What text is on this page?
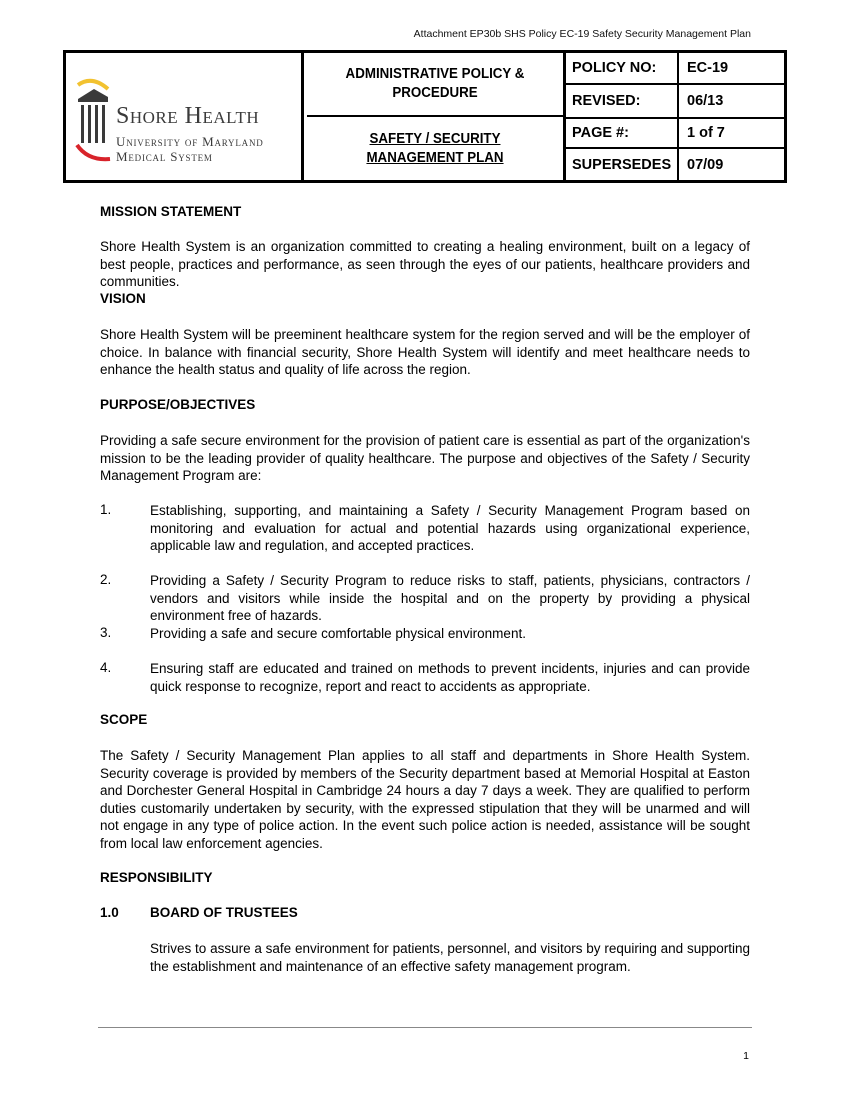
Attachment EP30b SHS Policy EC-19 Safety Security Management Plan
Shore Health
University of Maryland
Medical System
ADMINISTRATIVE POLICY & PROCEDURE
SAFETY / SECURITY MANAGEMENT PLAN
POLICY NO:	EC-19
REVISED:	06/13
PAGE #:	1 of 7
SUPERSEDES	07/09
MISSION STATEMENT

Shore Health System is an organization committed to creating a healing environment, built on a legacy of best people, practices and performance, as seen through the eyes of our patients, healthcare providers and communities.

VISION

Shore Health System will be preeminent healthcare system for the region served and will be the employer of choice. In balance with financial security, Shore Health System will identify and meet healthcare needs to enhance the health status and quality of life across the region.

PURPOSE/OBJECTIVES

Providing a safe secure environment for the provision of patient care is essential as part of the organization's mission to be the leading provider of quality healthcare. The purpose and objectives of the Safety / Security Management Program are:

1.	Establishing, supporting, and maintaining a Safety / Security Management Program based on monitoring and evaluation for actual and potential hazards using organizational experience, applicable law and regulation, and accepted practices.
2.	Providing a Safety / Security Program to reduce risks to staff, patients, physicians, contractors / vendors and visitors while inside the hospital and on the property by providing a physical environment free of hazards.
3.	Providing a safe and secure comfortable physical environment.
4.	Ensuring staff are educated and trained on methods to prevent incidents, injuries and can provide quick response to recognize, report and react to accidents as appropriate.
SCOPE

The Safety / Security Management Plan applies to all staff and departments in Shore Health System. Security coverage is provided by members of the Security department based at Memorial Hospital at Easton and Dorchester General Hospital in Cambridge 24 hours a day 7 days a week. They are qualified to perform duties customarily undertaken by security, with the expressed stipulation that they will be unarmed and will not engage in any type of police action. In the event such police action is needed, assistance will be sought from local law enforcement agencies.

RESPONSIBILITY
1.0 BOARD OF TRUSTEES
Strives to assure a safe environment for patients, personnel, and visitors by requiring and supporting the establishment and maintenance of an effective safety management program.
1
